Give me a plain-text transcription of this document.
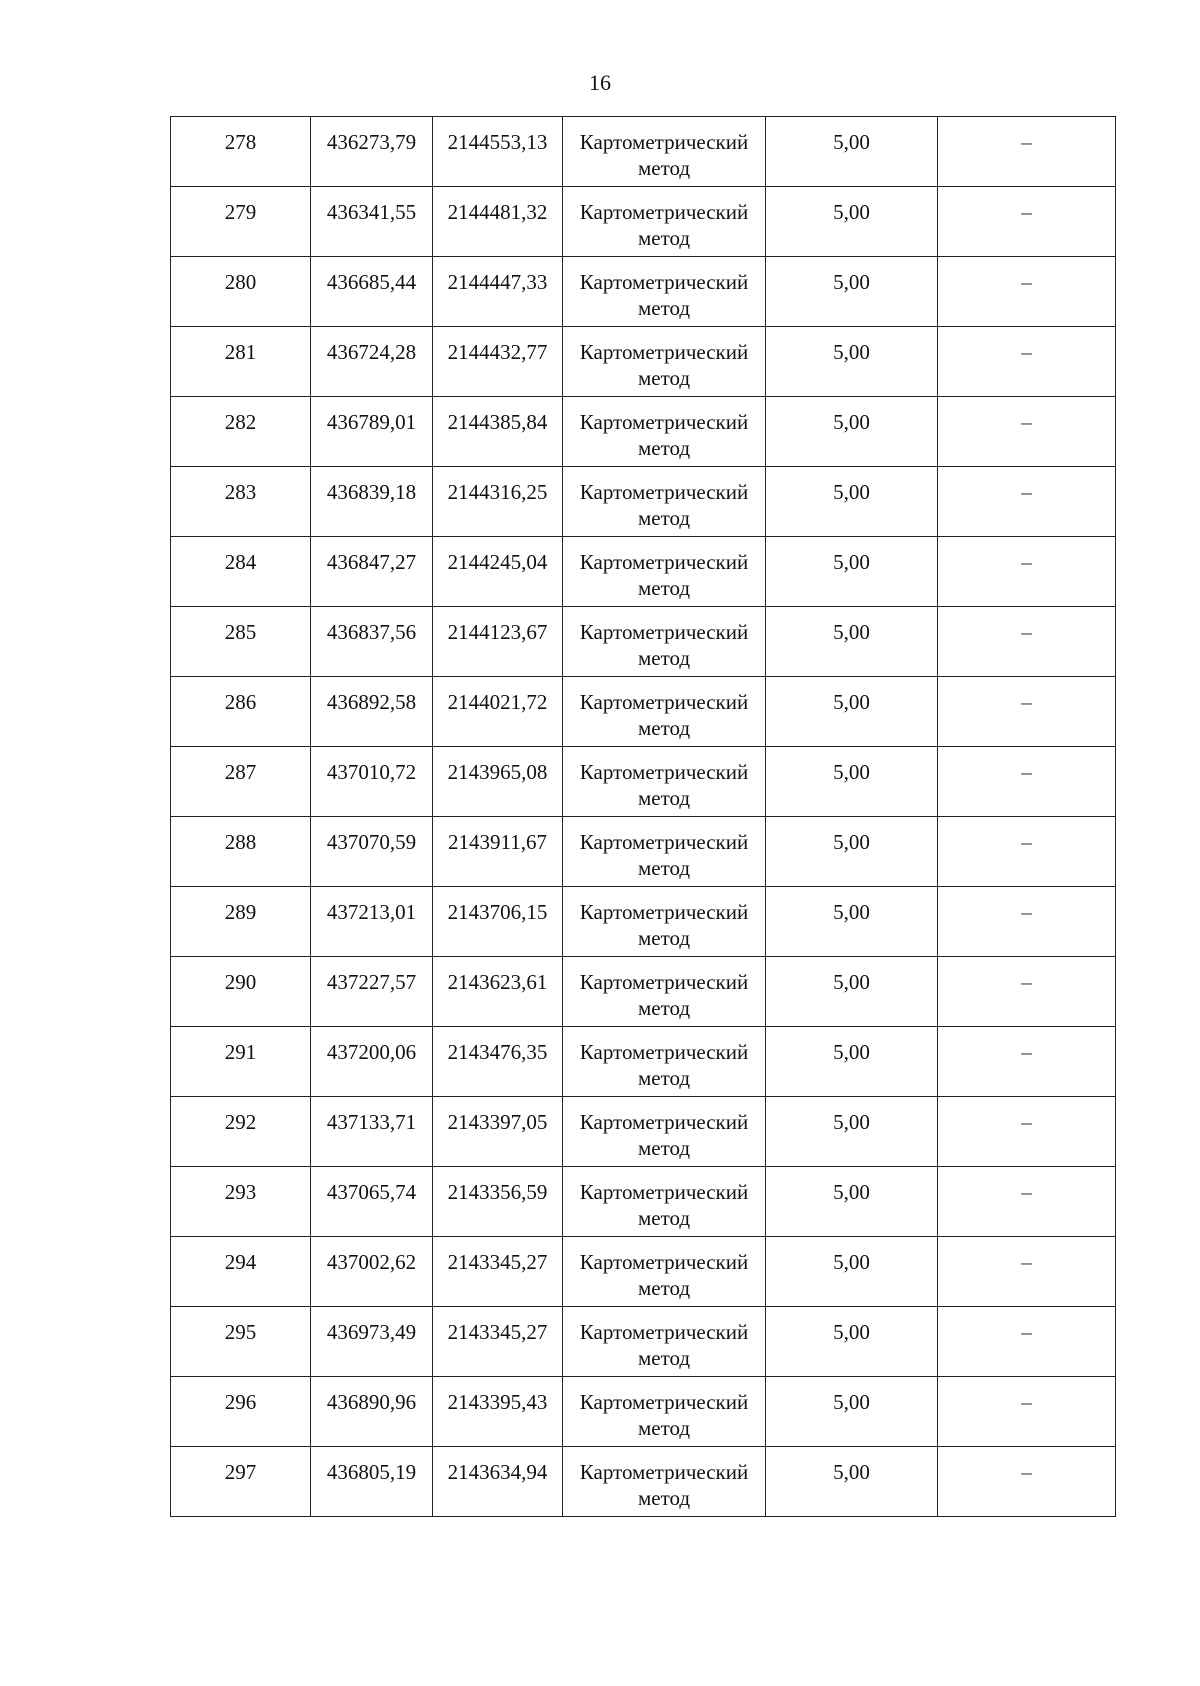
16
278	436273,79	2144553,13	Картометрический метод	5,00	–
279	436341,55	2144481,32	Картометрический метод	5,00	–
280	436685,44	2144447,33	Картометрический метод	5,00	–
281	436724,28	2144432,77	Картометрический метод	5,00	–
282	436789,01	2144385,84	Картометрический метод	5,00	–
283	436839,18	2144316,25	Картометрический метод	5,00	–
284	436847,27	2144245,04	Картометрический метод	5,00	–
285	436837,56	2144123,67	Картометрический метод	5,00	–
286	436892,58	2144021,72	Картометрический метод	5,00	–
287	437010,72	2143965,08	Картометрический метод	5,00	–
288	437070,59	2143911,67	Картометрический метод	5,00	–
289	437213,01	2143706,15	Картометрический метод	5,00	–
290	437227,57	2143623,61	Картометрический метод	5,00	–
291	437200,06	2143476,35	Картометрический метод	5,00	–
292	437133,71	2143397,05	Картометрический метод	5,00	–
293	437065,74	2143356,59	Картометрический метод	5,00	–
294	437002,62	2143345,27	Картометрический метод	5,00	–
295	436973,49	2143345,27	Картометрический метод	5,00	–
296	436890,96	2143395,43	Картометрический метод	5,00	–
297	436805,19	2143634,94	Картометрический метод	5,00	–
